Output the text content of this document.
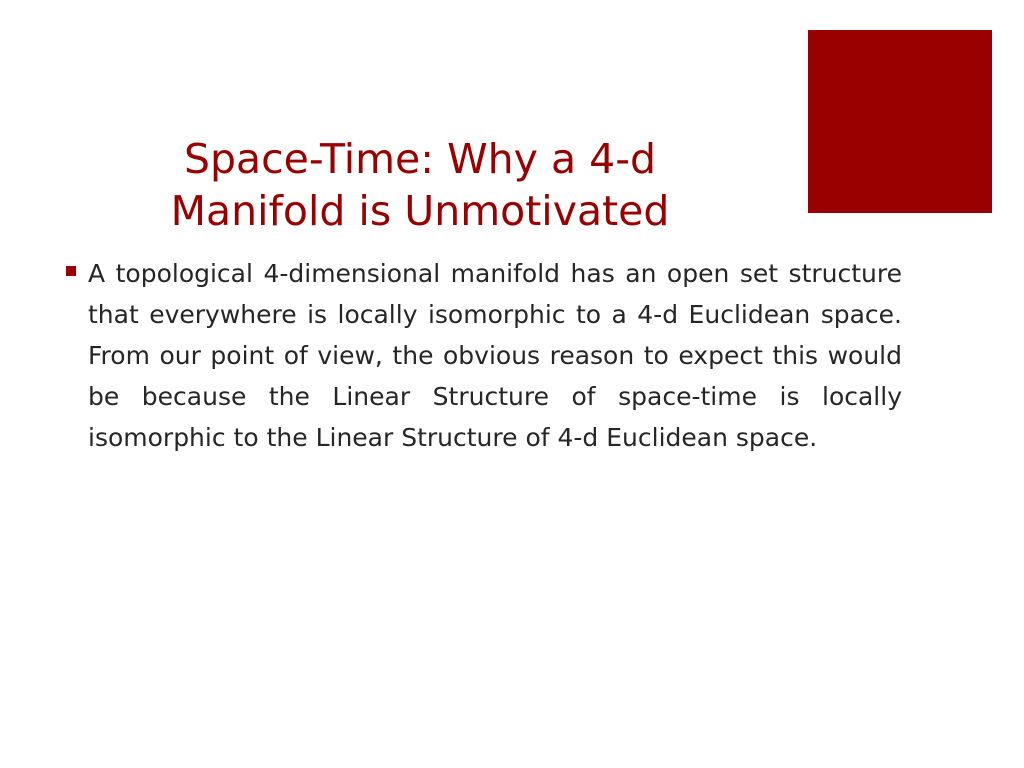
Space-Time: Why a 4-d
Manifold is Unmotivated
A topological 4-dimensional manifold has an open set structure that everywhere is locally isomorphic to a 4-d Euclidean space. From our point of view, the obvious reason to expect this would be because the Linear Structure of space-time is locally isomorphic to the Linear Structure of 4-d Euclidean space.
